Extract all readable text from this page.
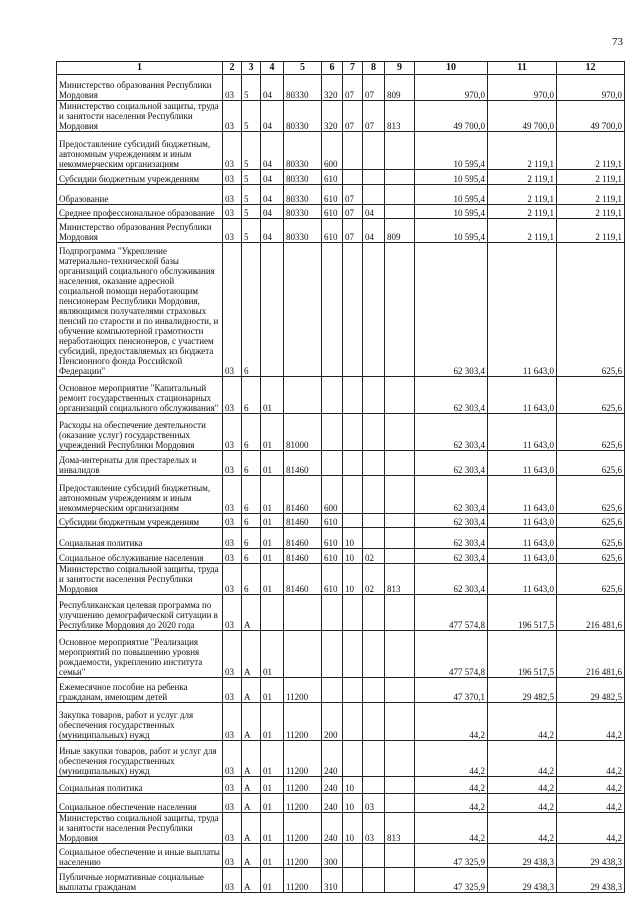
73
1	2	3	4	5	6	7	8	9	10	11	12
Министерство образования Республики Мордовия	03	5	04	80330	320	07	07	809	970,0	970,0	970,0
Министерство социальной защиты, труда и занятости населения Республики Мордовия	03	5	04	80330	320	07	07	813	49 700,0	49 700,0	49 700,0
Предоставление субсидий бюджетным, автономным учреждениям и иным некоммерческим организациям	03	5	04	80330	600				10 595,4	2 119,1	2 119,1
Субсидии бюджетным учреждениям	03	5	04	80330	610				10 595,4	2 119,1	2 119,1
Образование	03	5	04	80330	610	07			10 595,4	2 119,1	2 119,1
Среднее профессиональное образование	03	5	04	80330	610	07	04		10 595,4	2 119,1	2 119,1
Министерство образования Республики Мордовия	03	5	04	80330	610	07	04	809	10 595,4	2 119,1	2 119,1
Подпрограмма "Укрепление материально-технической базы организаций социального обслуживания населения, оказание адресной социальной помощи неработающим пенсионерам Республики Мордовия, являющимся получателями страховых пенсий по старости и по инвалидности, и обучение компьютерной грамотности неработающих пенсионеров, с участием субсидий, предоставляемых из бюджета Пенсионного фонда Российской Федерации"	03	6							62 303,4	11 643,0	625,6
Основное мероприятие "Капитальный ремонт государственных стационарных организаций социального обслуживания"	03	6	01						62 303,4	11 643,0	625,6
Расходы на обеспечение деятельности (оказание услуг) государственных учреждений Республики Мордовия	03	6	01	81000					62 303,4	11 643,0	625,6
Дома-интернаты для престарелых и инвалидов	03	6	01	81460					62 303,4	11 643,0	625,6
Предоставление субсидий бюджетным, автономным учреждениям и иным некоммерческим организациям	03	6	01	81460	600				62 303,4	11 643,0	625,6
Субсидии бюджетным учреждениям	03	6	01	81460	610				62 303,4	11 643,0	625,6
Социальная политика	03	6	01	81460	610	10			62 303,4	11 643,0	625,6
Социальное обслуживание населения	03	6	01	81460	610	10	02		62 303,4	11 643,0	625,6
Министерство социальной защиты, труда и занятости населения Республики Мордовия	03	6	01	81460	610	10	02	813	62 303,4	11 643,0	625,6
Республиканская целевая программа по улучшению демографической ситуации в Республике Мордовия до 2020 года	03	А							477 574,8	196 517,5	216 481,6
Основное мероприятие "Реализация мероприятий по повышению уровня рождаемости, укреплению института семьи"	03	А	01						477 574,8	196 517,5	216 481,6
Ежемесячное пособие на ребенка гражданам, имеющим детей	03	А	01	11200					47 370,1	29 482,5	29 482,5
Закупка товаров, работ и услуг для обеспечения государственных (муниципальных) нужд	03	А	01	11200	200				44,2	44,2	44,2
Иные закупки товаров, работ и услуг для обеспечения государственных (муниципальных) нужд	03	А	01	11200	240				44,2	44,2	44,2
Социальная политика	03	А	01	11200	240	10			44,2	44,2	44,2
Социальное обеспечение населения	03	А	01	11200	240	10	03		44,2	44,2	44,2
Министерство социальной защиты, труда и занятости населения Республики Мордовия	03	А	01	11200	240	10	03	813	44,2	44,2	44,2
Социальное обеспечение и иные выплаты населению	03	А	01	11200	300				47 325,9	29 438,3	29 438,3
Публичные нормативные социальные выплаты гражданам	03	А	01	11200	310				47 325,9	29 438,3	29 438,3
